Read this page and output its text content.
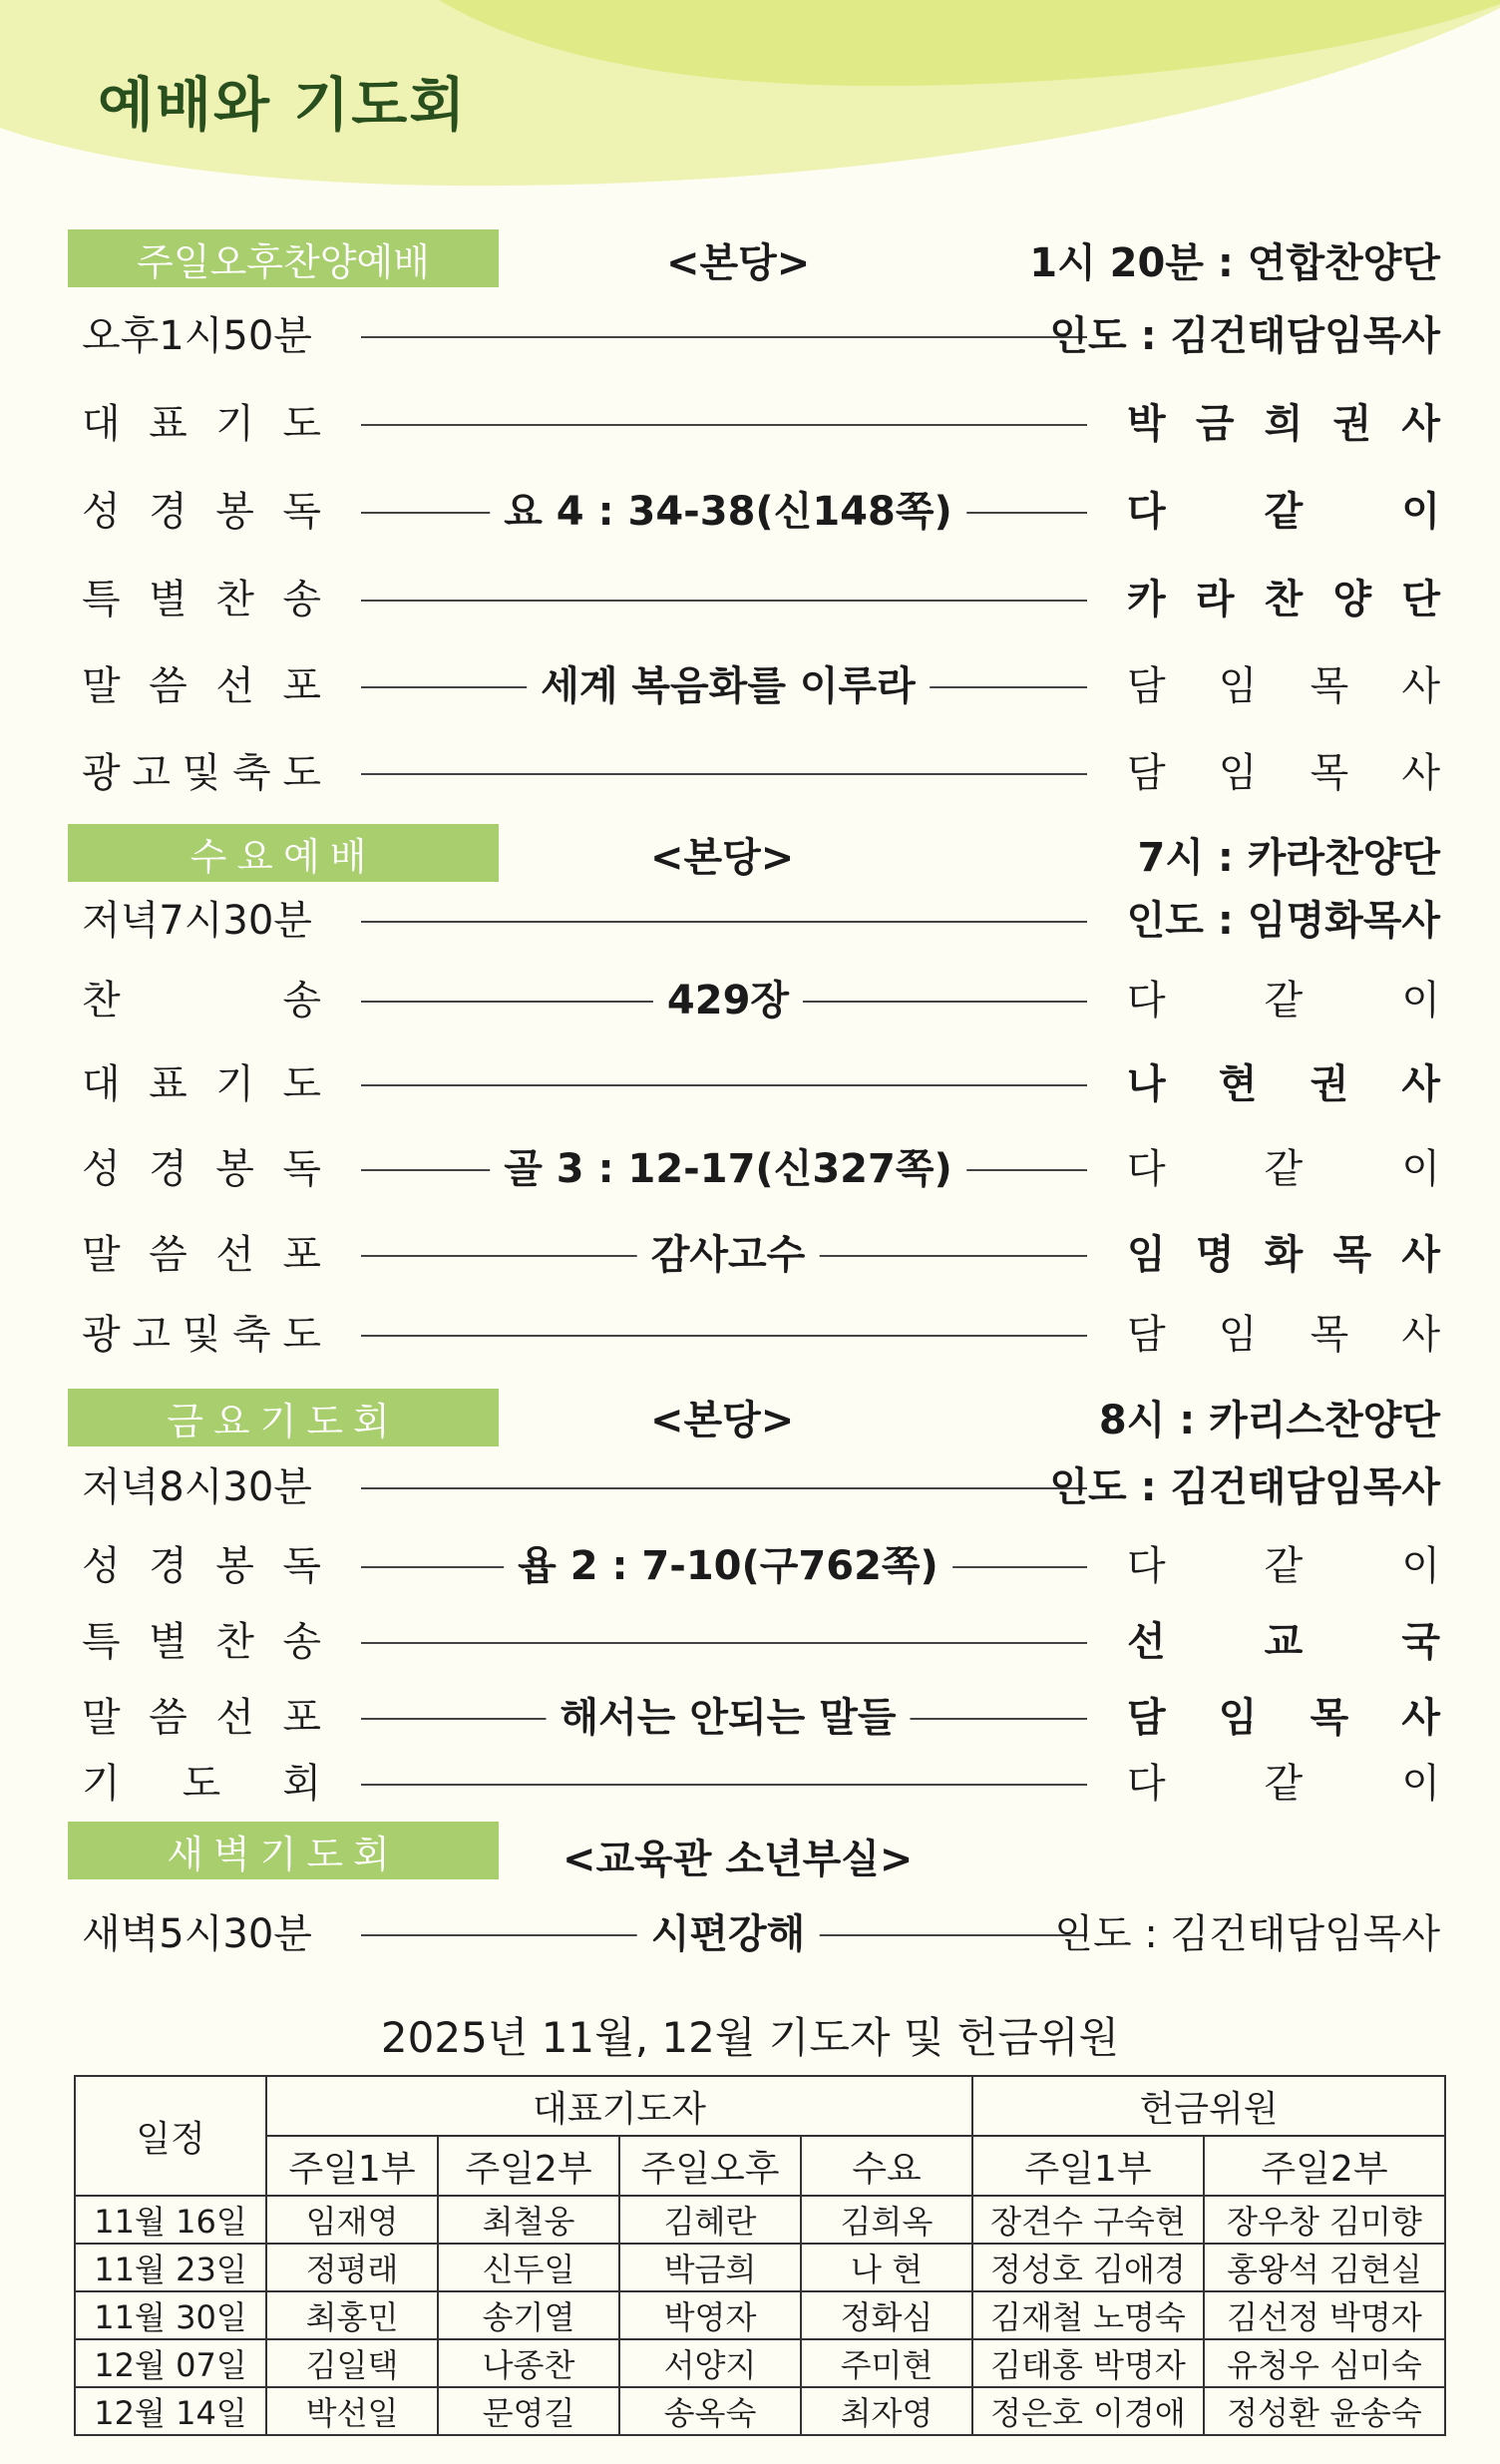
예배와 기도회
주일오후찬양예배	<본당>	1시 20분 : 연합찬양단
오후1시50분	인도 : 김건태담임목사
대 표 기 도	박 금 희 권 사
성 경 봉 독	요 4 : 34-38(신148쪽)	다 같 이
특 별 찬 송	카 라 찬 양 단
말 씀 선 포	세계 복음화를 이루라	담 임 목 사
광 고 및 축 도	담 임 목 사
수요예배	<본당>	7시 : 카라찬양단
저녁7시30분	인도 : 임명화목사
찬	송	429장	다 같 이
대 표 기 도	나 현 권 사
성 경 봉 독	골 3 : 12-17(신327쪽)	다 같 이
말 씀 선 포	감사고수	임 명 화 목 사
광 고 및 축 도	담 임 목 사
금요기도회	<본당>	8시 : 카리스찬양단
저녁8시30분	인도 : 김건태담임목사
성 경 봉 독	욥 2 : 7-10(구762쪽)	다 같 이
특 별 찬 송	선 교 국
말 씀 선 포	해서는 안되는 말들	담 임 목 사
기 도 회	다 같 이
새벽기도회	<교육관 소년부실>
새벽5시30분	시편강해	인도 : 김건태담임목사
2025년 11월, 12월 기도자 및 헌금위원
일정	대표기도자				헌금위원	
	주일1부	주일2부	주일오후	수요	주일1부	주일2부
11월 16일	임재영	최철웅	김혜란	김희옥	장견수 구숙현	장우창 김미향
11월 23일	정평래	신두일	박금희	나 현	정성호 김애경	홍왕석 김현실
11월 30일	최홍민	송기열	박영자	정화심	김재철 노명숙	김선정 박명자
12월 07일	김일택	나종찬	서양지	주미현	김태홍 박명자	유청우 심미숙
12월 14일	박선일	문영길	송옥숙	최자영	정은호 이경애	정성환 윤송숙
